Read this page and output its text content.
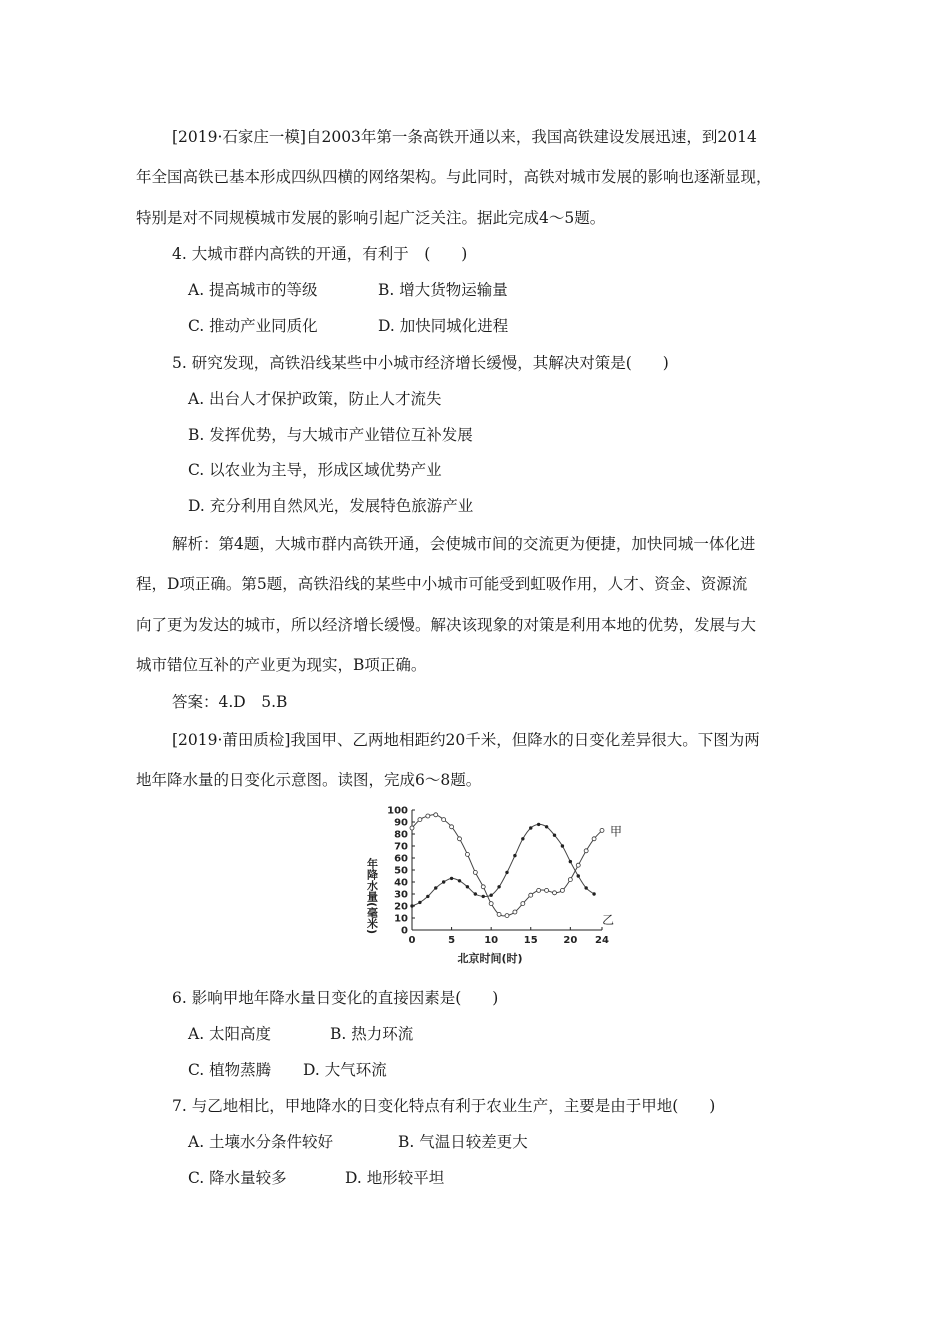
[2019·石家庄一模]自2003年第一条高铁开通以来，我国高铁建设发展迅速，到2014
年全国高铁已基本形成四纵四横的网络架构。与此同时，高铁对城市发展的影响也逐渐显现，
特别是对不同规模城市发展的影响引起广泛关注。据此完成4～5题。
4. 大城市群内高铁的开通，有利于　(　　)
A. 提高城市的等级	B. 增大货物运输量
C. 推动产业同质化	D. 加快同城化进程
5. 研究发现，高铁沿线某些中小城市经济增长缓慢，其解决对策是(　　)
A. 出台人才保护政策，防止人才流失
B. 发挥优势，与大城市产业错位互补发展
C. 以农业为主导，形成区域优势产业
D. 充分利用自然风光，发展特色旅游产业
解析：第4题，大城市群内高铁开通，会使城市间的交流更为便捷，加快同城一体化进
程，D项正确。第5题，高铁沿线的某些中小城市可能受到虹吸作用，人才、资金、资源流
向了更为发达的城市，所以经济增长缓慢。解决该现象的对策是利用本地的优势，发展与大
城市错位互补的产业更为现实，B项正确。
答案：4.D　5.B
[2019·莆田质检]我国甲、乙两地相距约20千米，但降水的日变化差异很大。下图为两
地年降水量的日变化示意图。读图，完成6～8题。
年降水量(毫米) 0
10
20
30
40
50
60
70
80
90
100
0	5	10	15	20 24
甲
乙
北京时间(时)
6. 影响甲地年降水量日变化的直接因素是(　　)
A. 太阳高度	B. 热力环流
C. 植物蒸腾 D. 大气环流
7. 与乙地相比，甲地降水的日变化特点有利于农业生产，主要是由于甲地(　　)
A. 土壤水分条件较好	B. 气温日较差更大
C. 降水量较多	D. 地形较平坦
